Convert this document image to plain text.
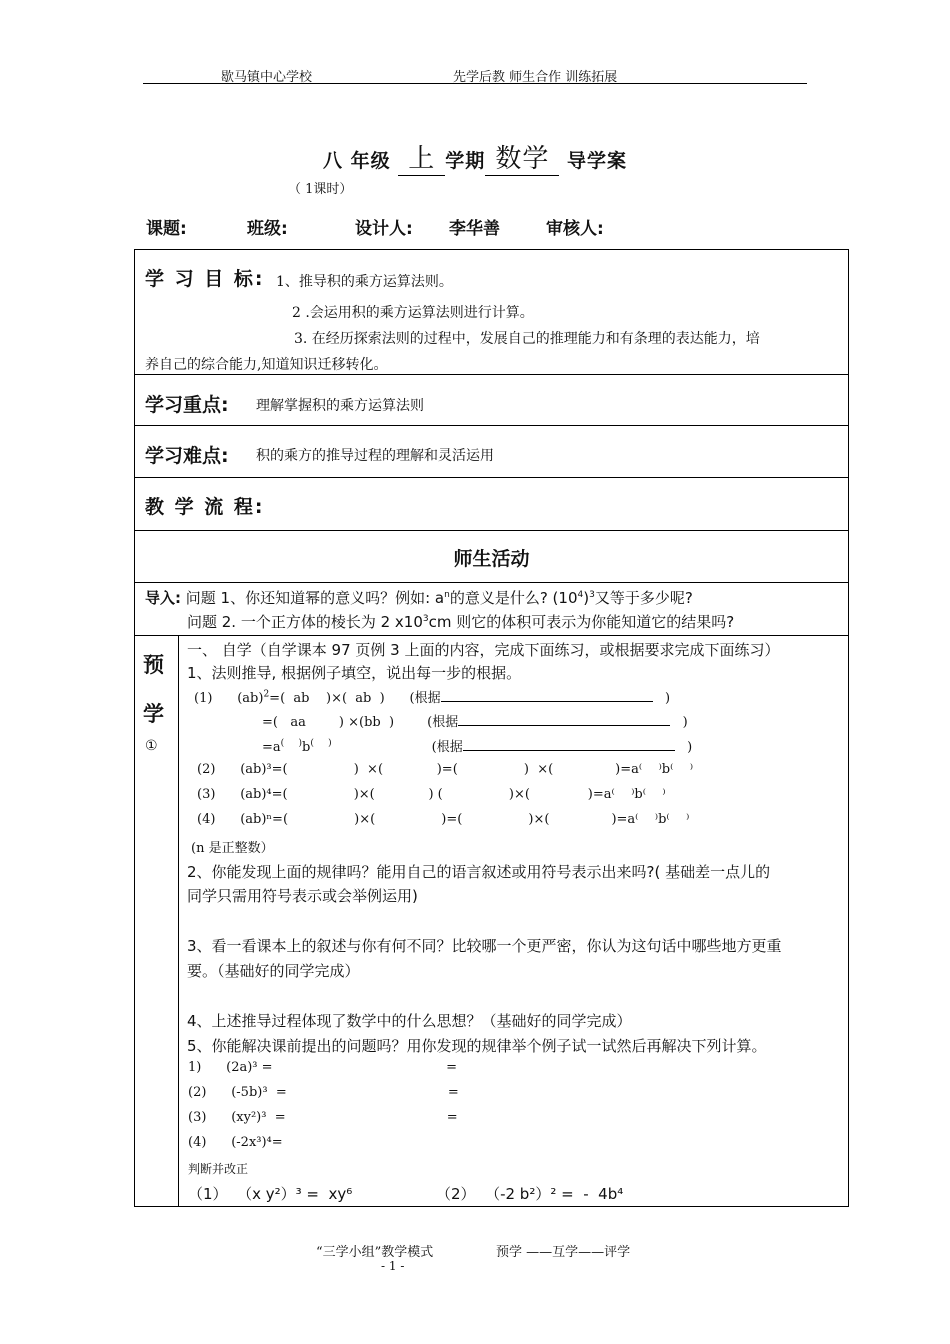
歇马镇中心学校	先学后教 师生合作 训练拓展
八 年级 上 学期 数学 导学案
（ 1课时）
课题:	班级:	设计人: 李华善	审核人:
学 习 目 标: 1、推导积的乘方运算法则。
2 .会运用积的乘方运算法则进行计算。
3. 在经历探索法则的过程中，发展自己的推理能力和有条理的表达能力，培
养自己的综合能力,知道知识迁移转化。
学习重点: 理解掌握积的乘方运算法则
学习难点: 积的乘方的推导过程的理解和灵活运用
教 学 流 程:
师生活动
导入: 问题 1、你还知道幂的意义吗？例如: $a^n$的意义是什么? $(10^4)^3$又等于多少呢?
问题 2. 一个正方体的棱长为 2 $x10^3cm$ 则它的体积可表示为你能知道它的结果吗?
预
学
①
一、 自学（自学课本 97 页例 3 上面的内容，完成下面练习，或根据要求完成下面练习）
1、法则推导, 根据例子填空，说出每一步的根据。
(1)      (ab)$^2$=(  ab    )×(  ab  )      (根据	)
=(   aa        ) ×(bb  )        (根据	)
=a(     )b(     )	(根据	)
(2)      (ab)³=(                )  ×(             )=(                )  ×(               )=a⁽    ⁾b⁽    ⁾
(3)      (ab)⁴=(                )×(             ) (                )×(              )=a⁽    ⁾b⁽    ⁾
(4)      (ab)ⁿ=(                )×(                )=(                )×(               )=a⁽    ⁾b⁽    ⁾
(n 是正整数）
2、你能发现上面的规律吗？能用自己的语言叙述或用符号表示出来吗?( 基础差一点儿的
同学只需用符号表示或会举例运用)
3、看一看课本上的叙述与你有何不同？比较哪一个更严密，你认为这句话中哪些地方更重
要。（基础好的同学完成）
4、上述推导过程体现了数学中的什么思想？（基础好的同学完成）
5、你能解决课前提出的问题吗？用你发现的规律举个例子试一试然后再解决下列计算。
1)      (2a)³ =                                          =
(2)      (-5b)³  =                                       =
(3)      (xy²)³  =                                       =
(4)      (-2x³)⁴=
判断并改正
（1）  （x y²）³ =  xy⁶	（2）  （-2 b²）² =  -  4b⁴
“三学小组”教学模式	预学 ——互学——评学
- 1 -
